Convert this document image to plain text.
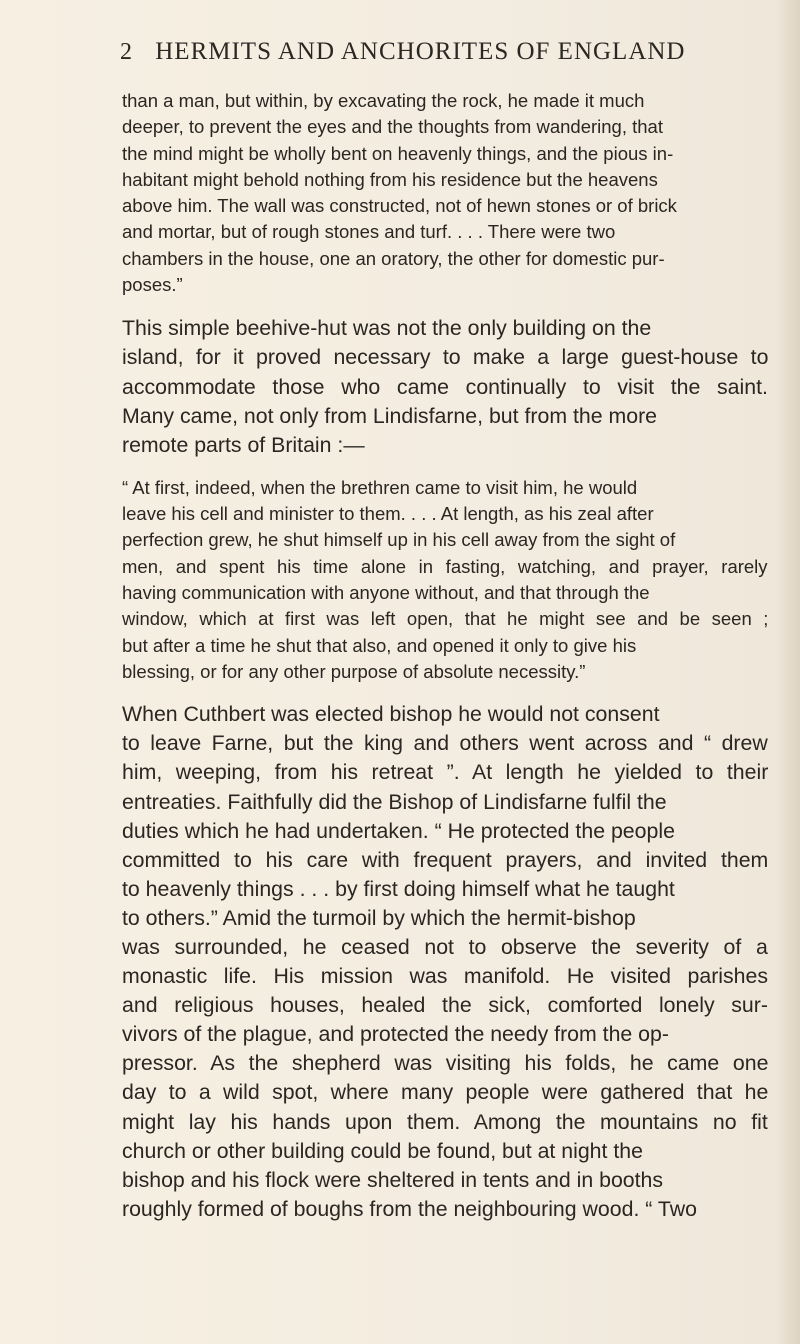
2 HERMITS AND ANCHORITES OF ENGLAND

than a man, but within, by excavating the rock, he made it much
deeper, to prevent the eyes and the thoughts from wandering, that
the mind might be wholly bent on heavenly things, and the pious in-
habitant might behold nothing from his residence but the heavens
above him. The wall was constructed, not of hewn stones or of brick
and mortar, but of rough stones and turf. . . . There were two
chambers in the house, one an oratory, the other for domestic pur-
poses.”

This simple beehive-hut was not the only building on the
island, for it proved necessary to make a large guest-house to
accommodate those who came continually to visit the saint.
Many came, not only from Lindisfarne, but from the more
remote parts of Britain :—

“ At first, indeed, when the brethren came to visit him, he would
leave his cell and minister to them. . . . At length, as his zeal after
perfection grew, he shut himself up in his cell away from the sight of
men, and spent his time alone in fasting, watching, and prayer, rarely
having communication with anyone without, and that through the
window, which at first was left open, that he might see and be seen ;
but after a time he shut that also, and opened it only to give his
blessing, or for any other purpose of absolute necessity.”

When Cuthbert was elected bishop he would not consent
to leave Farne, but the king and others went across and “ drew
him, weeping, from his retreat ”. At length he yielded to their
entreaties. Faithfully did the Bishop of Lindisfarne fulfil the
duties which he had undertaken. “ He protected the people
committed to his care with frequent prayers, and invited them
to heavenly things . . . by first doing himself what he taught
to others.” Amid the turmoil by which the hermit-bishop
was surrounded, he ceased not to observe the severity of a
monastic life. His mission was manifold. He visited parishes
and religious houses, healed the sick, comforted lonely sur-
vivors of the plague, and protected the needy from the op-
pressor. As the shepherd was visiting his folds, he came one
day to a wild spot, where many people were gathered that he
might lay his hands upon them. Among the mountains no fit
church or other building could be found, but at night the
bishop and his flock were sheltered in tents and in booths
roughly formed of boughs from the neighbouring wood. “ Two
